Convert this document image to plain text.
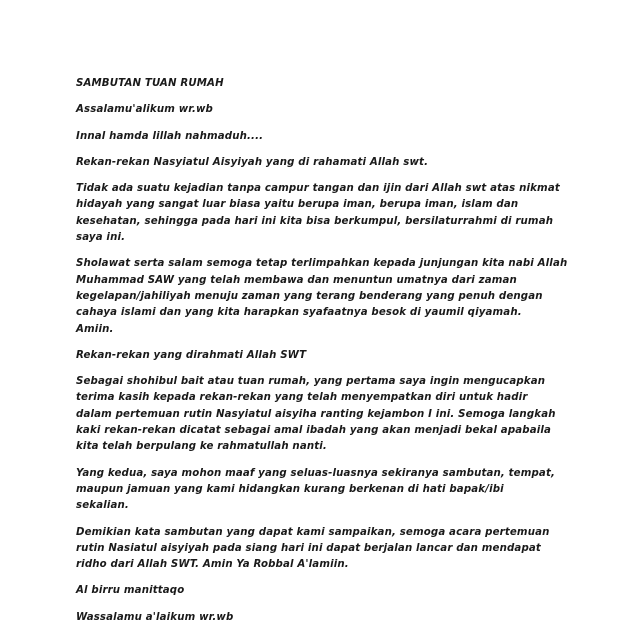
SAMBUTAN TUAN RUMAH

Assalamu'alikum wr.wb

Innal hamda lillah nahmaduh....

Rekan-rekan Nasyiatul Aisyiyah yang di rahamati Allah swt.

Tidak ada suatu kejadian tanpa campur tangan dan ijin dari Allah swt atas nikmat
hidayah yang sangat luar biasa yaitu berupa iman, berupa iman, islam dan
kesehatan, sehingga pada hari ini kita bisa berkumpul, bersilaturrahmi di rumah
saya ini.

Sholawat serta salam semoga tetap terlimpahkan kepada junjungan kita nabi Allah
Muhammad SAW yang telah membawa dan menuntun umatnya dari zaman
kegelapan/jahiliyah menuju zaman yang terang benderang yang penuh dengan
cahaya islami dan yang kita harapkan syafaatnya besok di yaumil qiyamah.
Amiin.

Rekan-rekan yang dirahmati Allah SWT

Sebagai shohibul bait atau tuan rumah, yang pertama saya ingin mengucapkan
terima kasih kepada rekan-rekan yang telah menyempatkan diri untuk hadir
dalam pertemuan rutin Nasyiatul aisyiha ranting kejambon I ini. Semoga langkah
kaki rekan-rekan dicatat sebagai amal ibadah yang akan menjadi bekal apabaila
kita telah berpulang ke rahmatullah nanti.

Yang kedua, saya mohon maaf yang seluas-luasnya sekiranya sambutan, tempat,
maupun jamuan yang kami hidangkan kurang berkenan di hati bapak/ibi
sekalian.

Demikian kata sambutan yang dapat kami sampaikan, semoga acara pertemuan
rutin Nasiatul aisyiyah pada siang hari ini dapat berjalan lancar dan mendapat
ridho dari Allah SWT. Amin Ya Robbal A'lamiin.

Al birru manittaqo

Wassalamu a'laikum wr.wb
